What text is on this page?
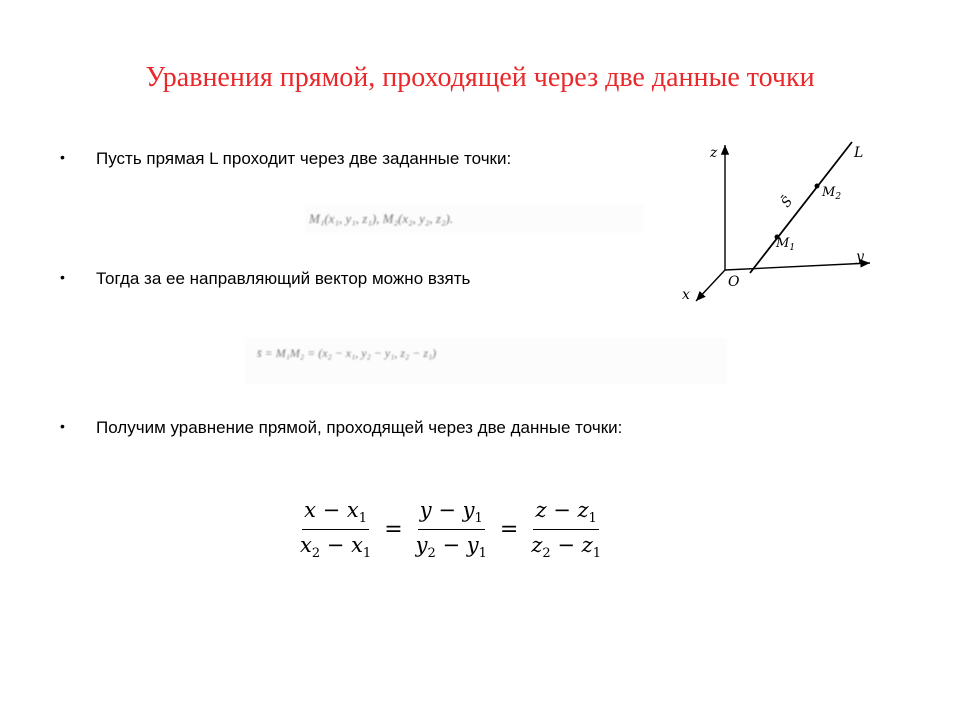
Уравнения прямой, проходящей через две данные точки
• Пусть прямая L проходит через две заданные точки:
M₁(x₁, y₁, z₁), M₂(x₂, y₂, z₂).
• Тогда за ее направляющий вектор можно взять
s̄ = M₁M₂ = (x₂ − x₁, y₂ − y₁, z₂ − z₁)
• Получим уравнение прямой, проходящей через две данные точки:
$\frac{x - x_1}{x_2 - x_1} = \frac{y - y_1}{y_2 - y_1} = \frac{z - z_1}{z_2 - z_1}$
z
y
x
O
L
S̄
$M_1$
$M_2$
